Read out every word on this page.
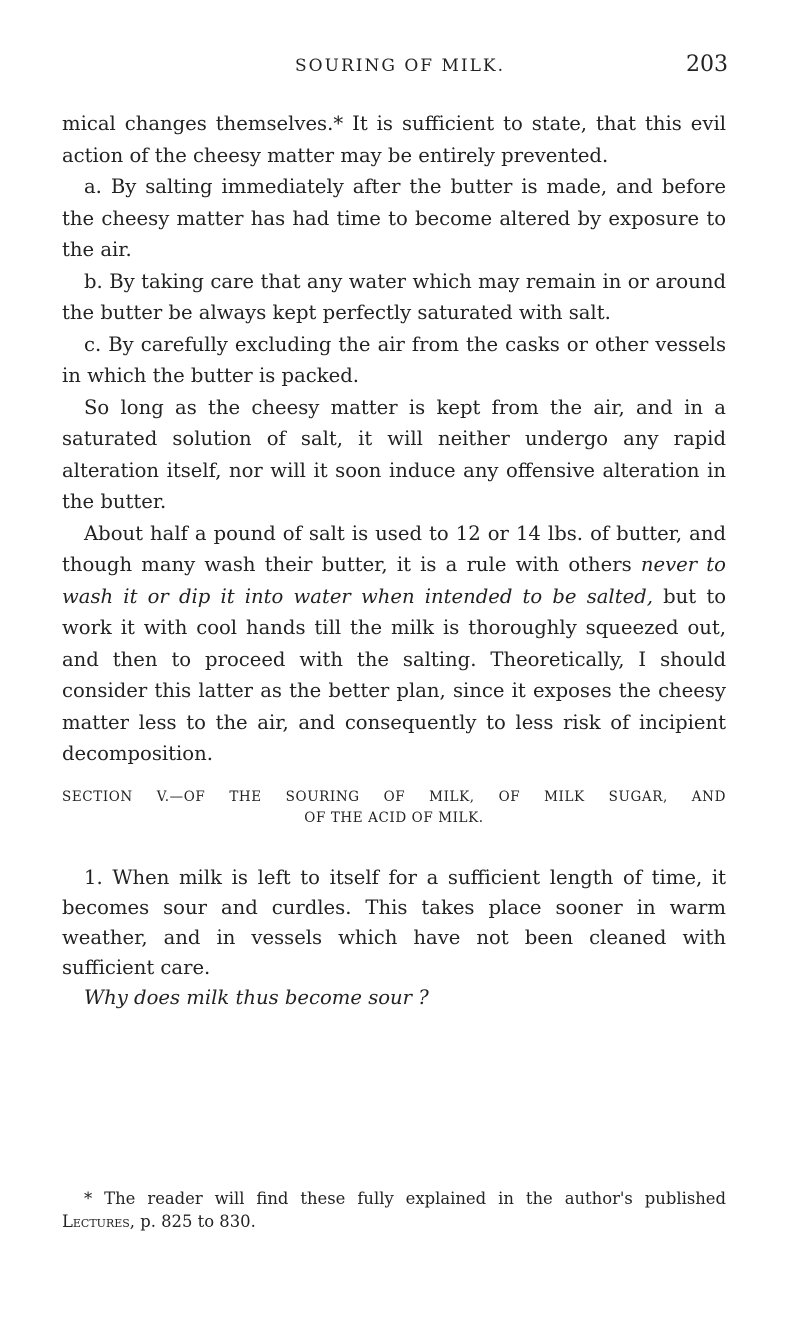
SOURING OF MILK.	203

mical changes themselves.* It is sufficient to state, that this evil action of the cheesy matter may be entirely prevented.

a. By salting immediately after the butter is made, and before the cheesy matter has had time to become altered by exposure to the air.

b. By taking care that any water which may remain in or around the butter be always kept perfectly saturated with salt.

c. By carefully excluding the air from the casks or other vessels in which the butter is packed.

So long as the cheesy matter is kept from the air, and in a saturated solution of salt, it will neither undergo any rapid alteration itself, nor will it soon induce any offensive alteration in the butter.

About half a pound of salt is used to 12 or 14 lbs. of butter, and though many wash their butter, it is a rule with others never to wash it or dip it into water when intended to be salted, but to work it with cool hands till the milk is thoroughly squeezed out, and then to proceed with the salting. Theoretically, I should consider this latter as the better plan, since it exposes the cheesy matter less to the air, and consequently to less risk of incipient decomposition.

SECTION V.—OF THE SOURING OF MILK, OF MILK SUGAR, AND
OF THE ACID OF MILK.

1. When milk is left to itself for a sufficient length of time, it becomes sour and curdles. This takes place sooner in warm weather, and in vessels which have not been cleaned with sufficient care.

Why does milk thus become sour ?

* The reader will find these fully explained in the author's published Lectures, p. 825 to 830.
